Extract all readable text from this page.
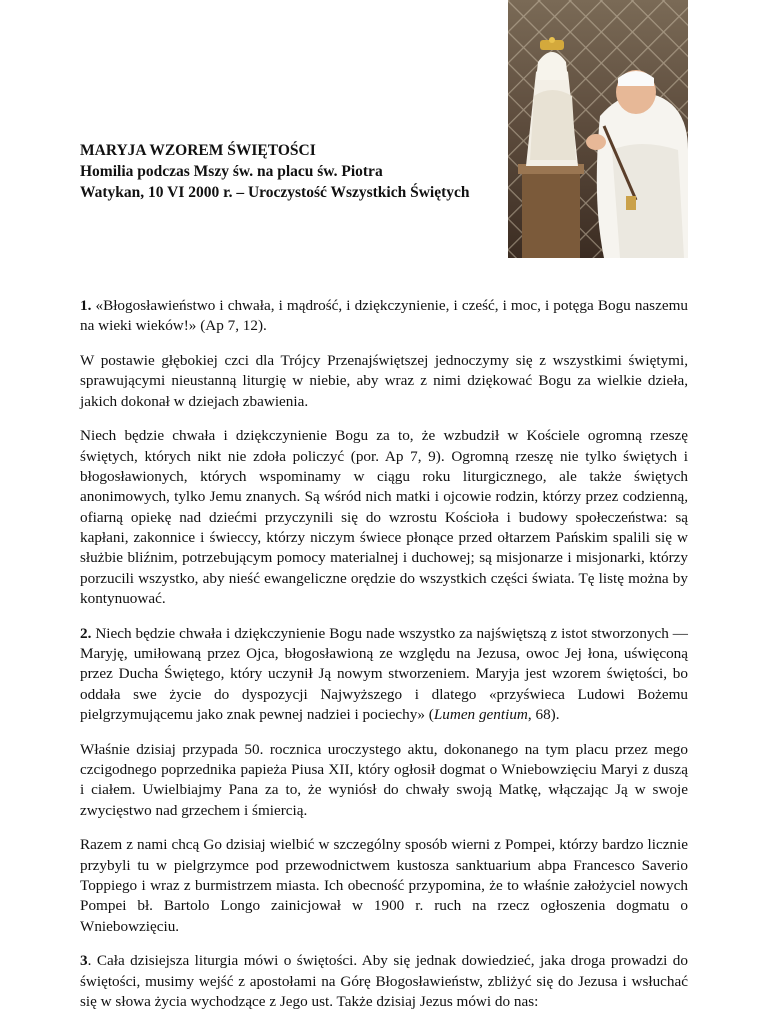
MARYJA WZOREM ŚWIĘTOŚCI
Homilia podczas Mszy św. na placu św. Piotra
Watykan, 10 VI 2000 r. – Uroczystość Wszystkich Świętych

1. «Błogosławieństwo i chwała, i mądrość, i dziękczynienie, i cześć, i moc, i potęga Bogu naszemu na wieki wieków!» (Ap 7, 12).

W postawie głębokiej czci dla Trójcy Przenajświętszej jednoczymy się z wszystkimi świętymi, sprawującymi nieustanną liturgię w niebie, aby wraz z nimi dziękować Bogu za wielkie dzieła, jakich dokonał w dziejach zbawienia.

Niech będzie chwała i dziękczynienie Bogu za to, że wzbudził w Kościele ogromną rzeszę świętych, których nikt nie zdoła policzyć (por. Ap 7, 9). Ogromną rzeszę nie tylko świętych i błogosławionych, których wspominamy w ciągu roku liturgicznego, ale także świętych anonimowych, tylko Jemu znanych. Są wśród nich matki i ojcowie rodzin, którzy przez codzienną, ofiarną opiekę nad dziećmi przyczynili się do wzrostu Kościoła i budowy społeczeństwa: są kapłani, zakonnice i świeccy, którzy niczym świece płonące przed ołtarzem Pańskim spalili się w służbie bliźnim, potrzebującym pomocy materialnej i duchowej; są misjonarze i misjonarki, którzy porzucili wszystko, aby nieść ewangeliczne orędzie do wszystkich części świata. Tę listę można by kontynuować.

2. Niech będzie chwała i dziękczynienie Bogu nade wszystko za najświętszą z istot stworzonych — Maryję, umiłowaną przez Ojca, błogosławioną ze względu na Jezusa, owoc Jej łona, uświęconą przez Ducha Świętego, który uczynił Ją nowym stworzeniem. Maryja jest wzorem świętości, bo oddała swe życie do dyspozycji Najwyższego i dlatego «przyświeca Ludowi Bożemu pielgrzymującemu jako znak pewnej nadziei i pociechy» (Lumen gentium, 68).

Właśnie dzisiaj przypada 50. rocznica uroczystego aktu, dokonanego na tym placu przez mego czcigodnego poprzednika papieża Piusa XII, który ogłosił dogmat o Wniebowzięciu Maryi z duszą i ciałem. Uwielbiajmy Pana za to, że wyniósł do chwały swoją Matkę, włączając Ją w swoje zwycięstwo nad grzechem i śmiercią.

Razem z nami chcą Go dzisiaj wielbić w szczególny sposób wierni z Pompei, którzy bardzo licznie przybyli tu w pielgrzymce pod przewodnictwem kustosza sanktuarium abpa Francesco Saverio Toppiego i wraz z burmistrzem miasta. Ich obecność przypomina, że to właśnie założyciel nowych Pompei bł. Bartolo Longo zainicjował w 1900 r. ruch na rzecz ogłoszenia dogmatu o Wniebowzięciu.

3. Cała dzisiejsza liturgia mówi o świętości. Aby się jednak dowiedzieć, jaka droga prowadzi do świętości, musimy wejść z apostołami na Górę Błogosławieństw, zbliżyć się do Jezusa i wsłuchać się w słowa życia wychodzące z Jego ust. Także dzisiaj Jezus mówi do nas:
